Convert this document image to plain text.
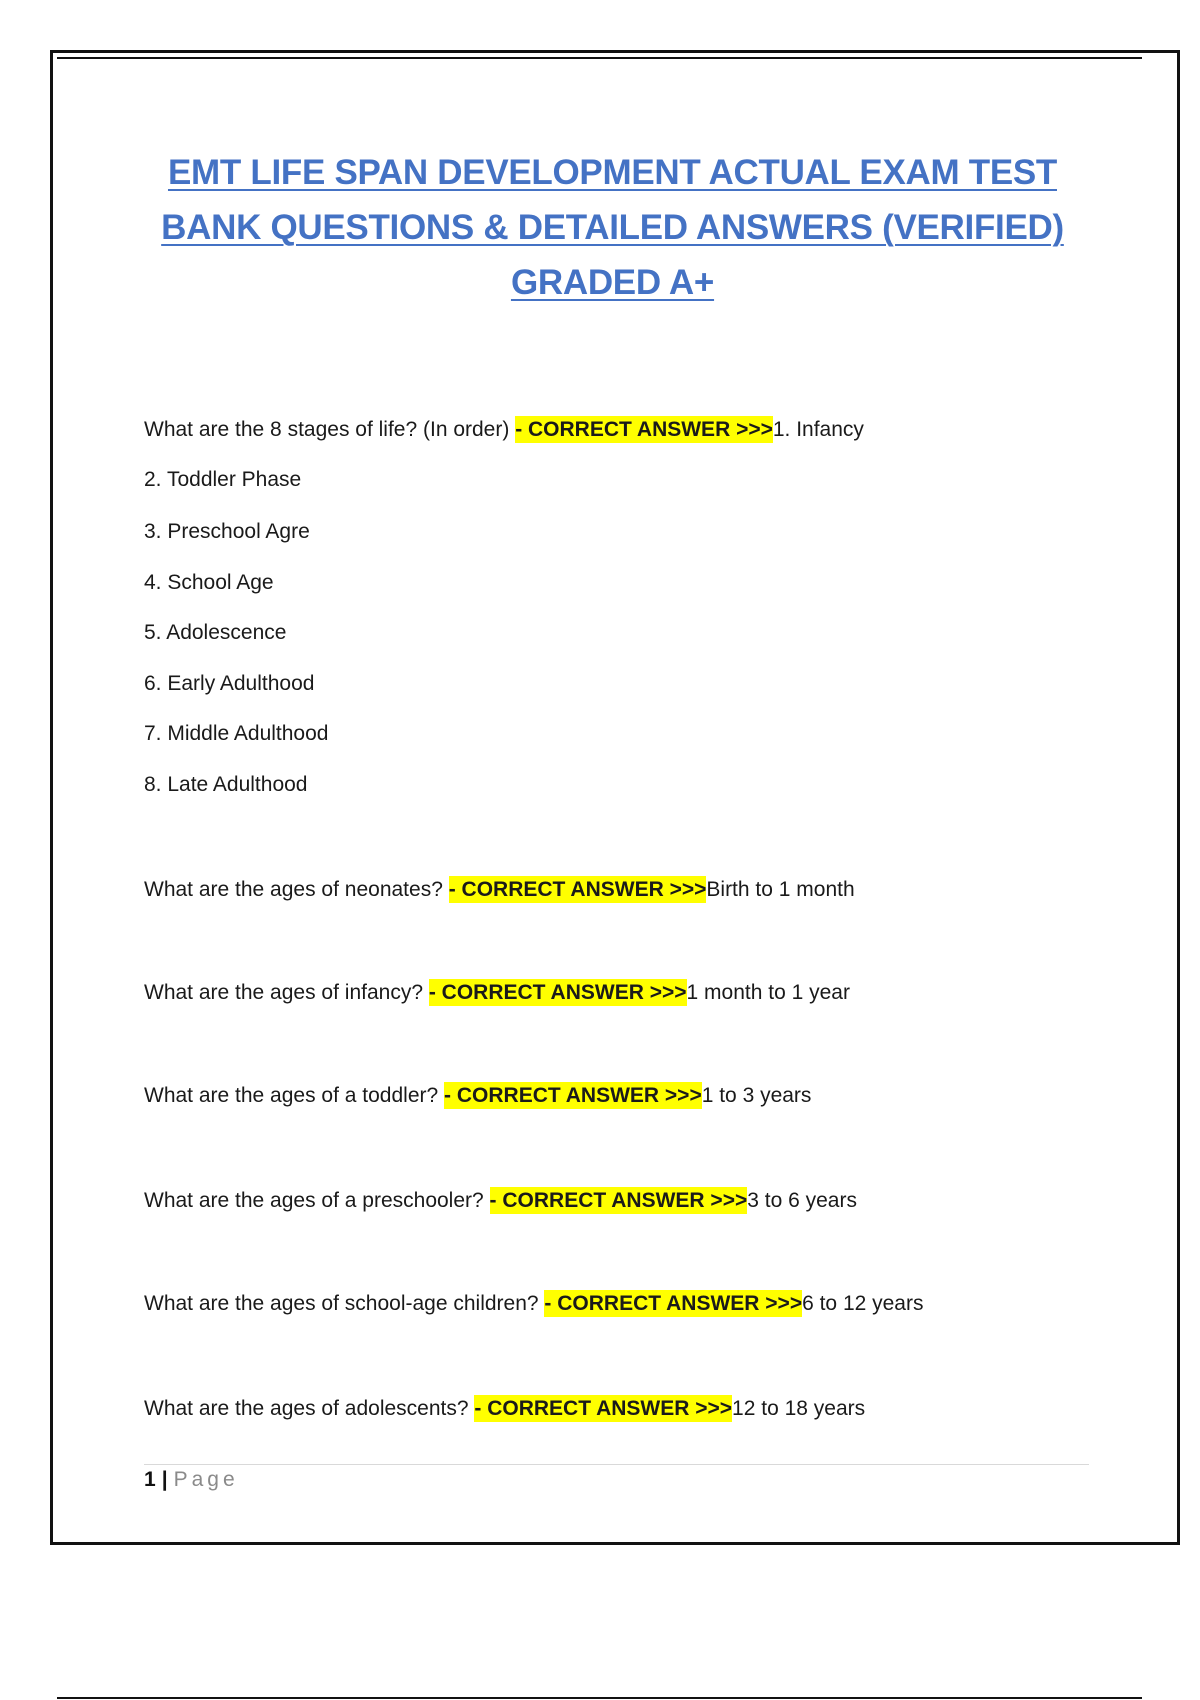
EMT LIFE SPAN DEVELOPMENT ACTUAL EXAM TEST
BANK QUESTIONS & DETAILED ANSWERS (VERIFIED)
GRADED A+
What are the 8 stages of life? (In order) - CORRECT ANSWER >>>1. Infancy
2. Toddler Phase
3. Preschool Agre
4. School Age
5. Adolescence
6. Early Adulthood
7. Middle Adulthood
8. Late Adulthood
What are the ages of neonates? - CORRECT ANSWER >>>Birth to 1 month
What are the ages of infancy? - CORRECT ANSWER >>>1 month to 1 year
What are the ages of a toddler? - CORRECT ANSWER >>>1 to 3 years
What are the ages of a preschooler? - CORRECT ANSWER >>>3 to 6 years
What are the ages of school-age children? - CORRECT ANSWER >>>6 to 12 years
What are the ages of adolescents? - CORRECT ANSWER >>>12 to 18 years
1 | Page
